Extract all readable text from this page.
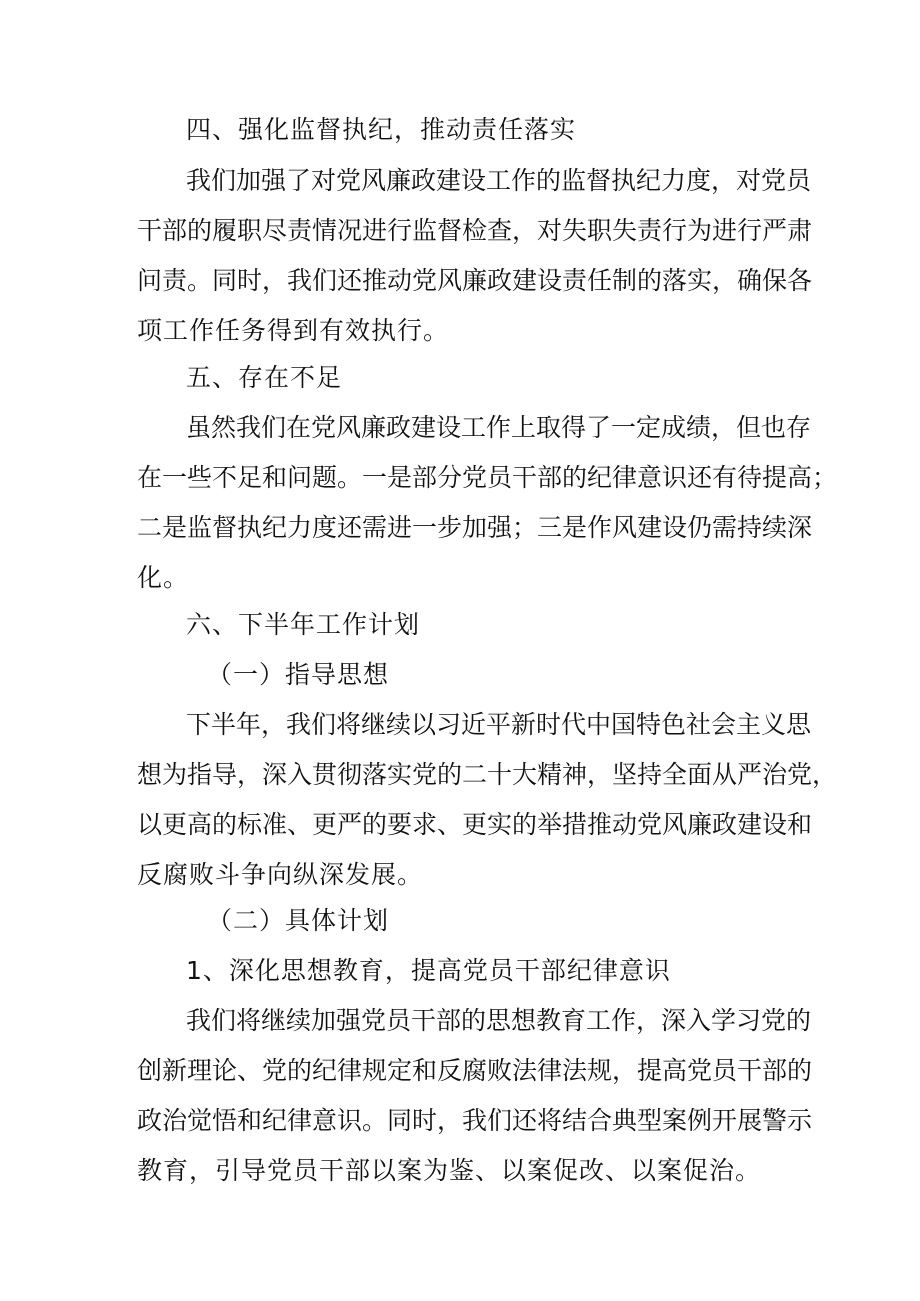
四、强化监督执纪，推动责任落实
我们加强了对党风廉政建设工作的监督执纪力度，对党员
干部的履职尽责情况进行监督检查，对失职失责行为进行严肃
问责。同时，我们还推动党风廉政建设责任制的落实，确保各
项工作任务得到有效执行。
五、存在不足
虽然我们在党风廉政建设工作上取得了一定成绩，但也存
在一些不足和问题。一是部分党员干部的纪律意识还有待提高；
二是监督执纪力度还需进一步加强；三是作风建设仍需持续深
化。
六、下半年工作计划
（一）指导思想
下半年，我们将继续以习近平新时代中国特色社会主义思
想为指导，深入贯彻落实党的二十大精神，坚持全面从严治党，
以更高的标准、更严的要求、更实的举措推动党风廉政建设和
反腐败斗争向纵深发展。
（二）具体计划
1、深化思想教育，提高党员干部纪律意识
我们将继续加强党员干部的思想教育工作，深入学习党的
创新理论、党的纪律规定和反腐败法律法规，提高党员干部的
政治觉悟和纪律意识。同时，我们还将结合典型案例开展警示
教育，引导党员干部以案为鉴、以案促改、以案促治。
